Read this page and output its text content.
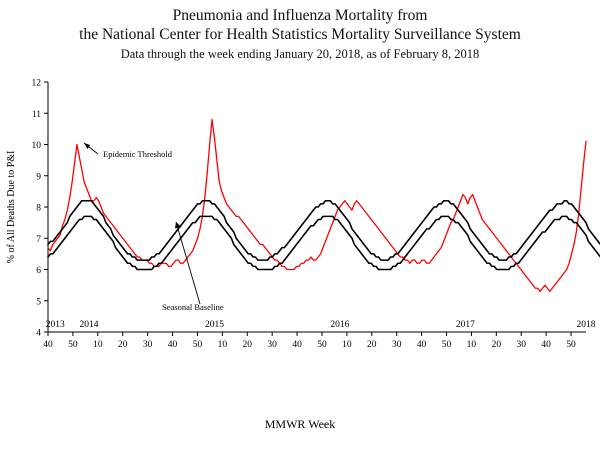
Pneumonia and Influenza Mortality from
the National Center for Health Statistics Mortality Surveillance System
Data through the week ending January 20, 2018, as of February 8, 2018
4
5
6
7
8
9
10
11
12
40 50 10 20 30 40 50 10 20 30 40 50 10 20 30 40 50 10 20 30 40 50
2013 2014	2015	2016	2017	2018
% of All Deaths Due to P&I	Epidemic Threshold
Seasonal Baseline
MMWR Week
